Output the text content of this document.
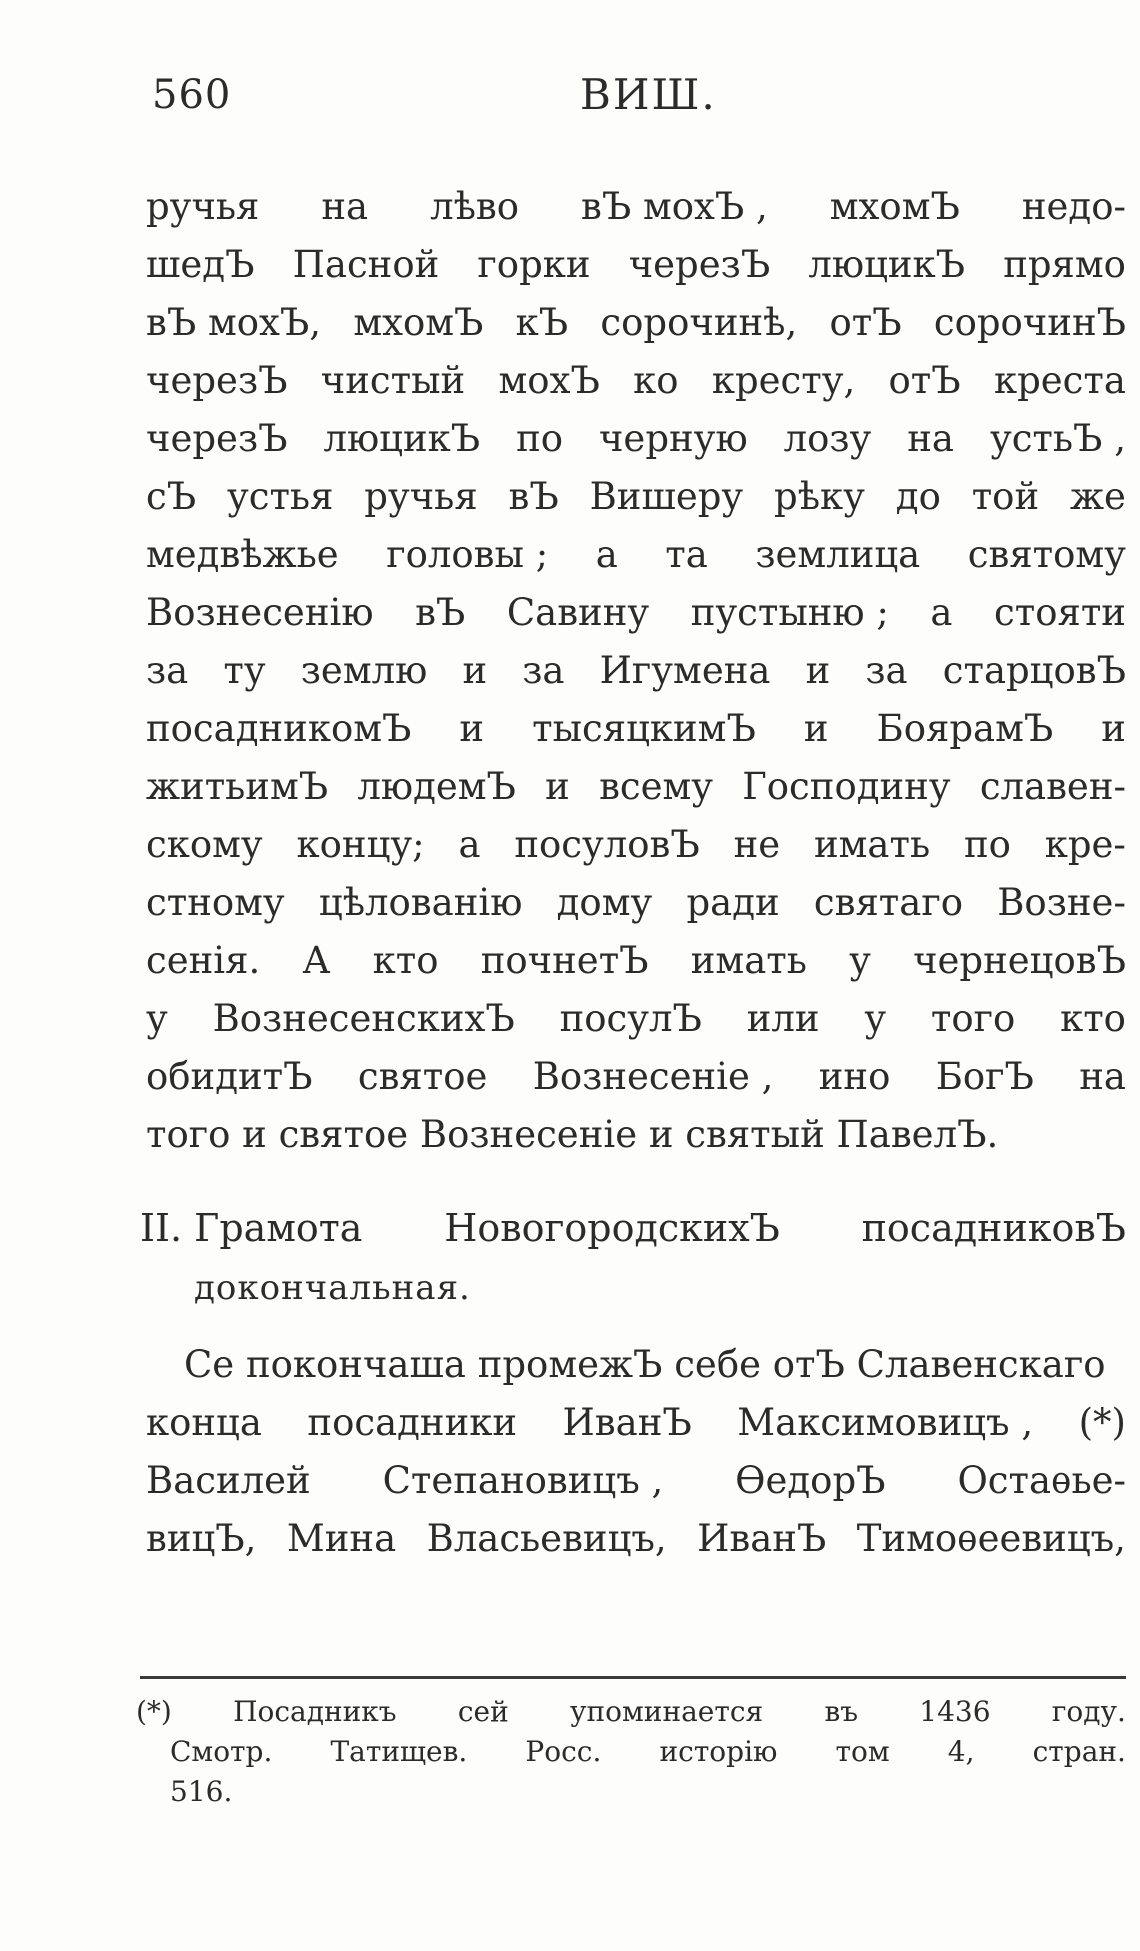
560	ВИШ.
ручья на лѣво вЪ мохЪ , мхомЪ недо-
шедЪ Пасной горки черезЪ люцикЪ прямо
вЪ мохЪ, мхомЪ кЪ сорочинѣ, отЪ сорочинЪ
черезЪ чистый мохЪ ко кресту, отЪ креста
черезЪ люцикЪ по черную лозу на устьЪ ,
сЪ устья ручья вЪ Вишеру рѣку до той же
медвѣжье головы ; а та землица святому
Вознесенію вЪ Савину пустыню ; а стояти
за ту землю и за Игумена и за старцовЪ
посадникомЪ и тысяцкимЪ и БоярамЪ и
житьимЪ людемЪ и всему Господину славен-
скому концу; а посуловЪ не имать по кре-
стному цѣлованію дому ради святаго Возне-
сенія. А кто почнетЪ имать у чернецовЪ
у ВознесенскихЪ посулЪ или у того кто
обидитЪ святое Вознесеніе , ино БогЪ на
того и святое Вознесеніе и святый ПавелЪ.
II. Грамота НовогородскихЪ посадниковЪ
докончальная.
Се покончаша промежЪ себе отЪ Славенскаго
конца посадники ИванЪ Максимовицъ , (*)
Василей Степановицъ , ѲедорЪ Остаѳье-
вицЪ, Мина Власьевицъ, ИванЪ Тимоѳеевицъ,
(*) Посадникъ сей упоминается въ 1436 году.
Смотр. Татищев. Росс. исторію том 4, стран.
516.
